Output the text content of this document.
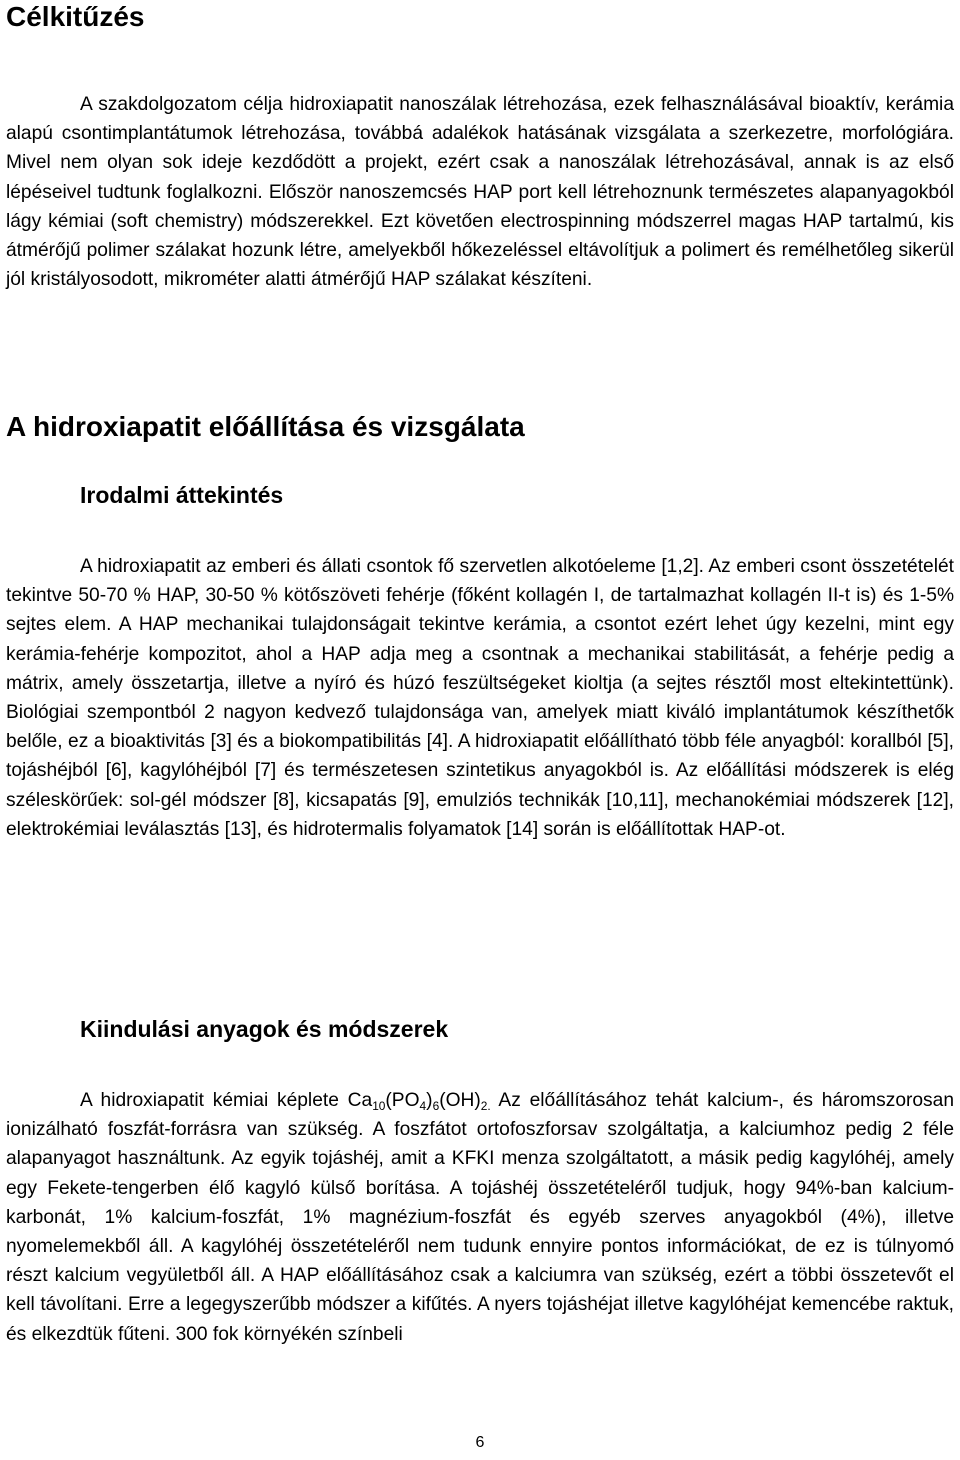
Célkitűzés

A szakdolgozatom célja hidroxiapatit nanoszálak létrehozása, ezek felhasználásával bioaktív, kerámia alapú csontimplantátumok létrehozása, továbbá adalékok hatásának vizsgálata a szerkezetre, morfológiára. Mivel nem olyan sok ideje kezdődött a projekt, ezért csak a nanoszálak létrehozásával, annak is az első lépéseivel tudtunk foglalkozni. Először nanoszemcsés HAP port kell létrehoznunk természetes alapanyagokból lágy kémiai (soft chemistry) módszerekkel. Ezt követően electrospinning módszerrel magas HAP tartalmú, kis átmérőjű polimer szálakat hozunk létre, amelyekből hőkezeléssel eltávolítjuk a polimert és remélhetőleg sikerül jól kristályosodott, mikrométer alatti átmérőjű HAP szálakat készíteni.

A hidroxiapatit előállítása és vizsgálata
Irodalmi áttekintés

A hidroxiapatit az emberi és állati csontok fő szervetlen alkotóeleme [1,2]. Az emberi csont összetételét tekintve 50-70 % HAP, 30-50 % kötőszöveti fehérje (főként kollagén I, de tartalmazhat kollagén II-t is) és 1-5% sejtes elem. A HAP mechanikai tulajdonságait tekintve kerámia, a csontot ezért lehet úgy kezelni, mint egy kerámia-fehérje kompozitot, ahol a HAP adja meg a csontnak a mechanikai stabilitását, a fehérje pedig a mátrix, amely összetartja, illetve a nyíró és húzó feszültségeket kioltja (a sejtes résztől most eltekintettünk). Biológiai szempontból 2 nagyon kedvező tulajdonsága van, amelyek miatt kiváló implantátumok készíthetők belőle, ez a bioaktivitás [3] és a biokompatibilitás [4]. A hidroxiapatit előállítható több féle anyagból: korallból [5], tojáshéjból [6], kagylóhéjból [7] és természetesen szintetikus anyagokból is. Az előállítási módszerek is elég széleskörűek: sol-gél módszer [8], kicsapatás [9], emulziós technikák [10,11], mechanokémiai módszerek [12], elektrokémiai leválasztás [13], és hidrotermalis folyamatok [14] során is előállítottak HAP-ot.

Kiindulási anyagok és módszerek

A hidroxiapatit kémiai képlete $Ca_{10}(PO_4)_6(OH)_{2.}$ Az előállításához tehát kalcium-, és háromszorosan ionizálható foszfát-forrásra van szükség. A foszfátot ortofoszforsav szolgáltatja, a kalciumhoz pedig 2 féle alapanyagot használtunk. Az egyik tojáshéj, amit a KFKI menza szolgáltatott, a másik pedig kagylóhéj, amely egy Fekete-tengerben élő kagyló külső borítása. A tojáshéj összetételéről tudjuk, hogy 94%-ban kalcium-karbonát, 1% kalcium-foszfát, 1% magnézium-foszfát és egyéb szerves anyagokból (4%), illetve nyomelemekből áll. A kagylóhéj összetételéről nem tudunk ennyire pontos információkat, de ez is túlnyomó részt kalcium vegyületből áll. A HAP előállításához csak a kalciumra van szükség, ezért a többi összetevőt el kell távolítani. Erre a legegyszerűbb módszer a kifűtés. A nyers tojáshéjat illetve kagylóhéjat kemencébe raktuk, és elkezdtük fűteni. 300 fok környékén színbeli

6
